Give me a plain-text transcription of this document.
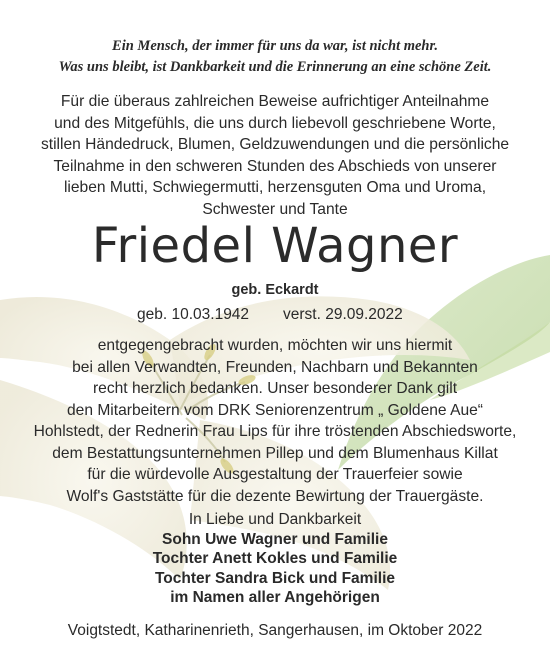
Ein Mensch, der immer für uns da war, ist nicht mehr.
Was uns bleibt, ist Dankbarkeit und die Erinnerung an eine schöne Zeit.
Für die überaus zahlreichen Beweise aufrichtiger Anteilnahme
und des Mitgefühls, die uns durch liebevoll geschriebene Worte,
stillen Händedruck, Blumen, Geldzuwendungen und die persönliche
Teilnahme in den schweren Stunden des Abschieds von unserer
lieben Mutti, Schwiegermutti, herzensguten Oma und Uroma,
Schwester und Tante
Friedel Wagner
geb. Eckardt
geb. 10.03.1942 verst. 29.09.2022
entgegengebracht wurden, möchten wir uns hiermit
bei allen Verwandten, Freunden, Nachbarn und Bekannten
recht herzlich bedanken. Unser besonderer Dank gilt
den Mitarbeitern vom DRK Seniorenzentrum „ Goldene Aue“
Hohlstedt, der Rednerin Frau Lips für ihre tröstenden Abschiedsworte,
dem Bestattungsunternehmen Pillep und dem Blumenhaus Killat
für die würdevolle Ausgestaltung der Trauerfeier sowie
Wolf's Gaststätte für die dezente Bewirtung der Trauergäste.
In Liebe und Dankbarkeit
Sohn Uwe Wagner und Familie
Tochter Anett Kokles und Familie
Tochter Sandra Bick und Familie
im Namen aller Angehörigen
Voigtstedt, Katharinenrieth, Sangerhausen, im Oktober 2022
